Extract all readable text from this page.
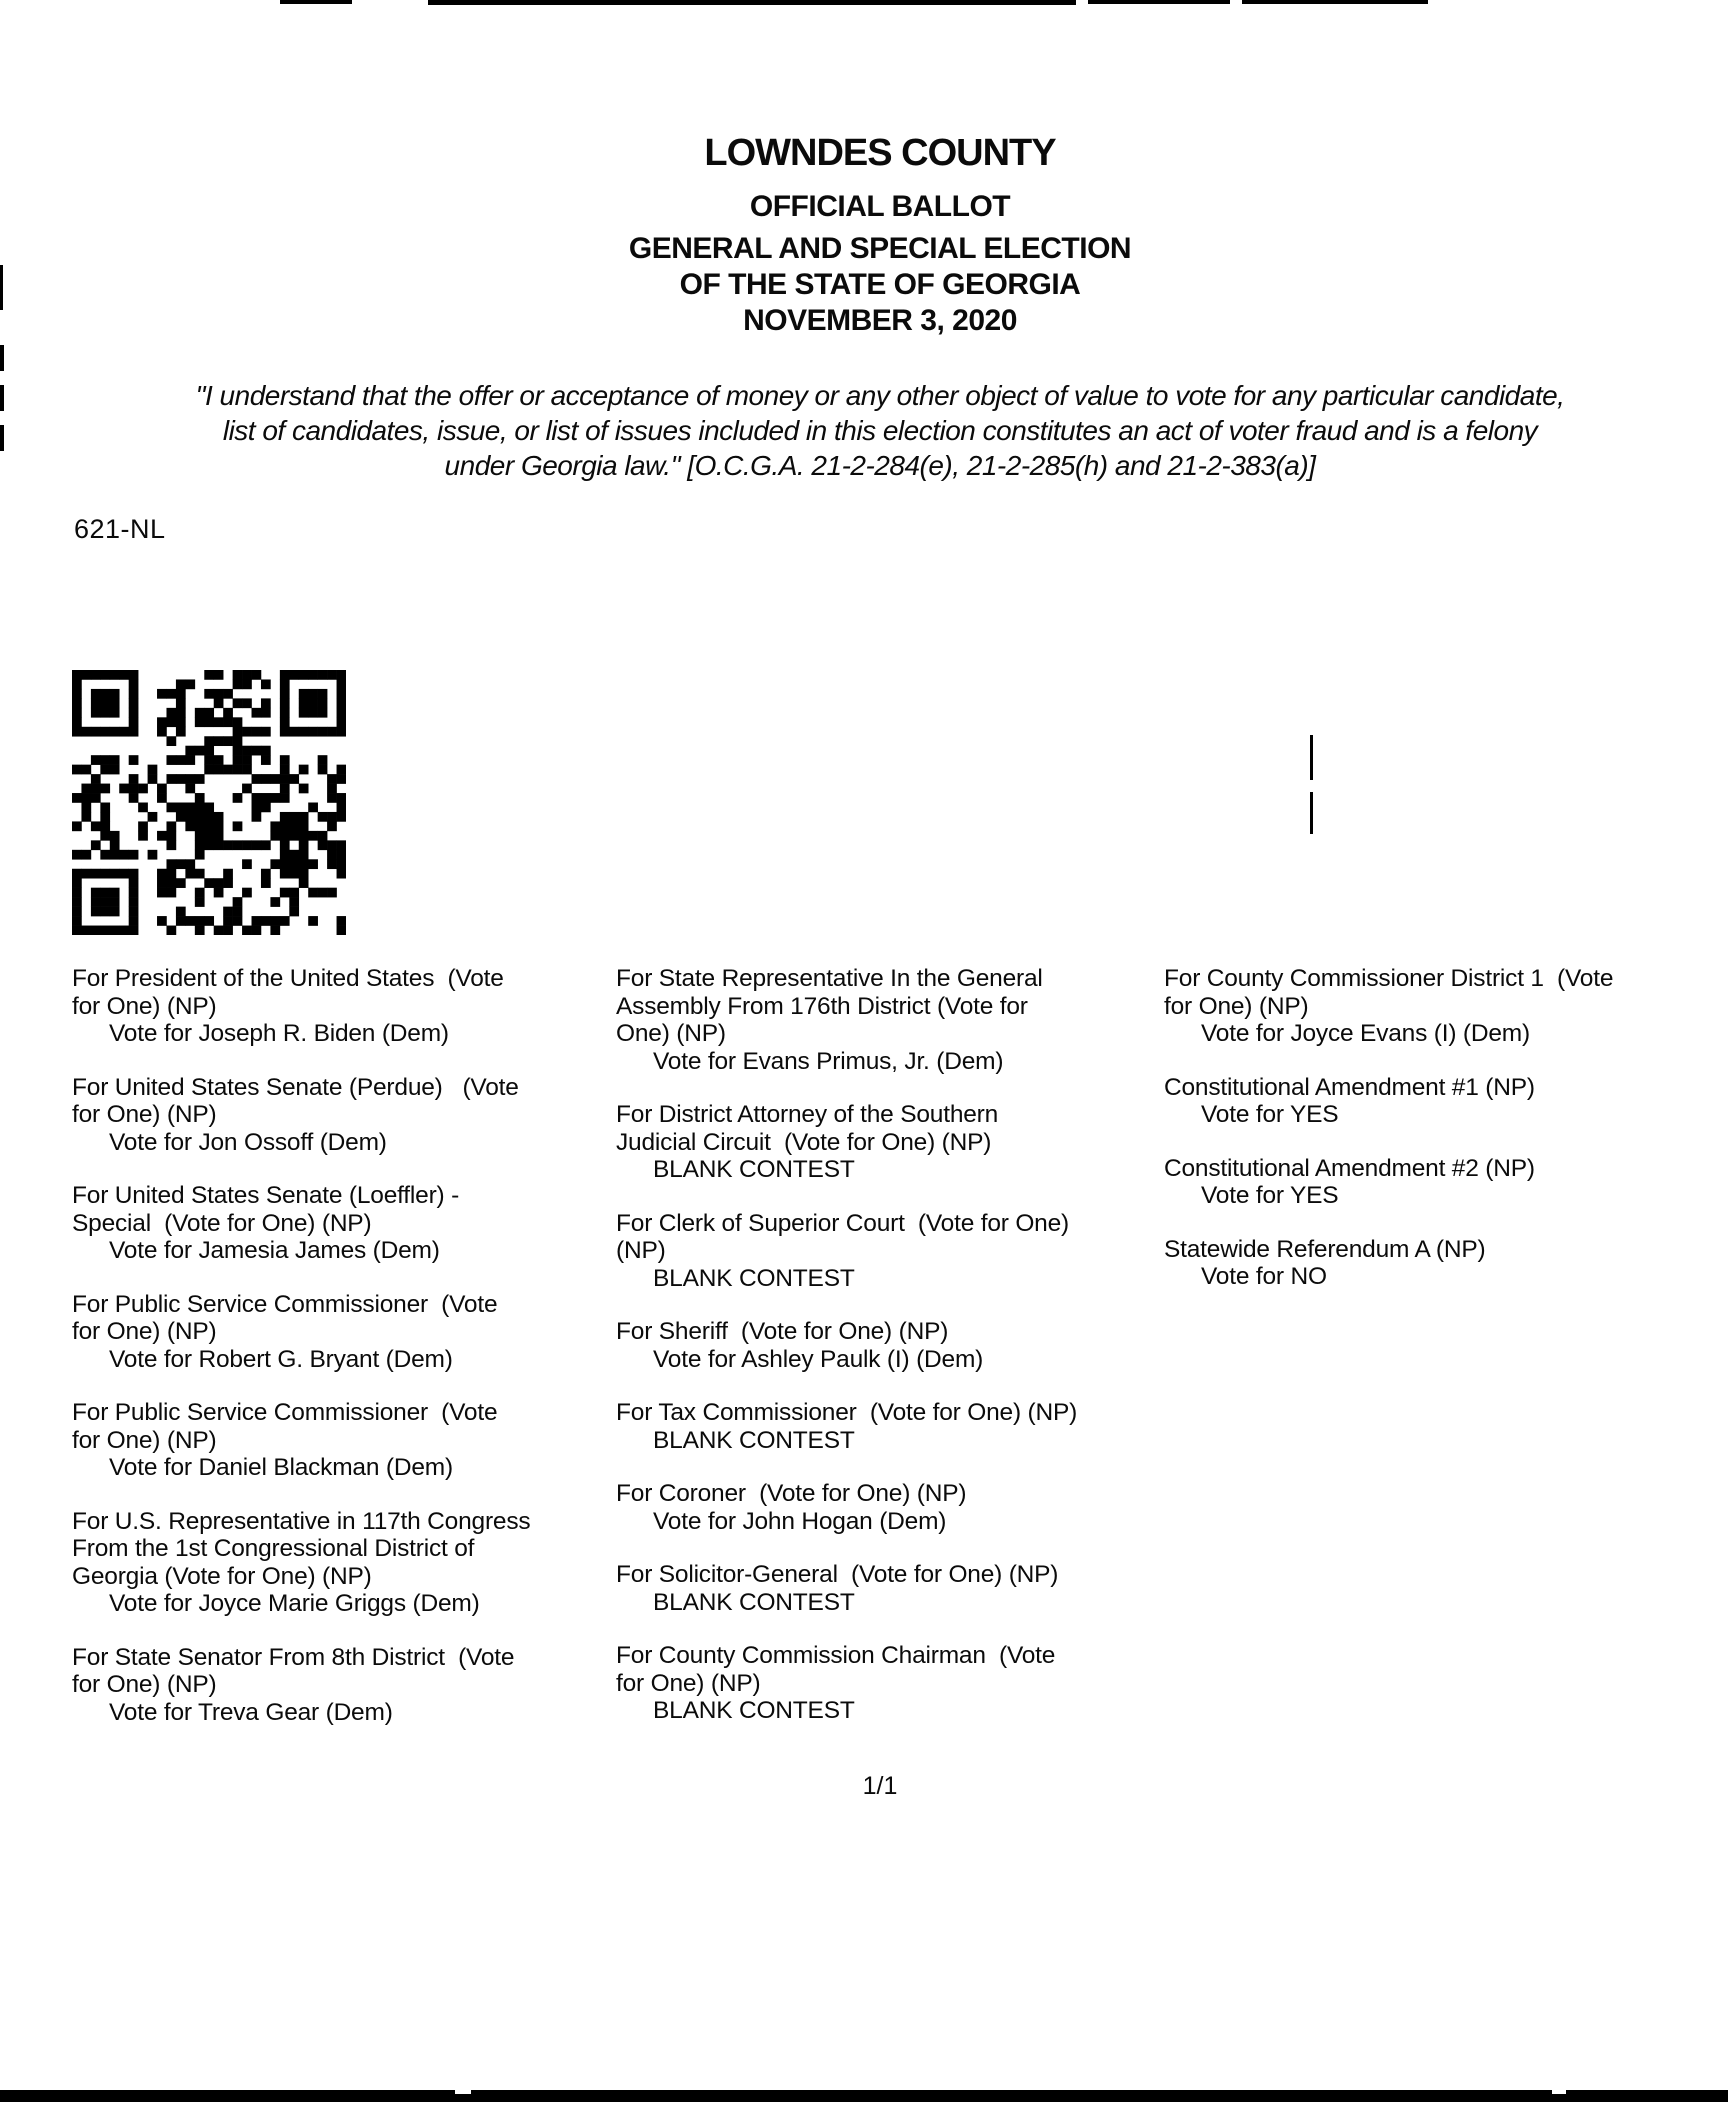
LOWNDES COUNTY
OFFICIAL BALLOT
GENERAL AND SPECIAL ELECTION
OF THE STATE OF GEORGIA
NOVEMBER 3, 2020
"I understand that the offer or acceptance of money or any other object of value to vote for any particular candidate,
list of candidates, issue, or list of issues included in this election constitutes an act of voter fraud and is a felony
under Georgia law." [O.C.G.A. 21-2-284(e), 21-2-285(h) and 21-2-383(a)]
621-NL
For President of the United States  (Vote
for One) (NP)
Vote for Joseph R. Biden (Dem)
For United States Senate (Perdue)   (Vote
for One) (NP)
Vote for Jon Ossoff (Dem)
For United States Senate (Loeffler) -
Special  (Vote for One) (NP)
Vote for Jamesia James (Dem)
For Public Service Commissioner  (Vote
for One) (NP)
Vote for Robert G. Bryant (Dem)
For Public Service Commissioner  (Vote
for One) (NP)
Vote for Daniel Blackman (Dem)
For U.S. Representative in 117th Congress
From the 1st Congressional District of
Georgia (Vote for One) (NP)
Vote for Joyce Marie Griggs (Dem)
For State Senator From 8th District  (Vote
for One) (NP)
Vote for Treva Gear (Dem)
For State Representative In the General
Assembly From 176th District (Vote for
One) (NP)
Vote for Evans Primus, Jr. (Dem)
For District Attorney of the Southern
Judicial Circuit  (Vote for One) (NP)
BLANK CONTEST
For Clerk of Superior Court  (Vote for One)
(NP)
BLANK CONTEST
For Sheriff  (Vote for One) (NP)
Vote for Ashley Paulk (I) (Dem)
For Tax Commissioner  (Vote for One) (NP)
BLANK CONTEST
For Coroner  (Vote for One) (NP)
Vote for John Hogan (Dem)
For Solicitor-General  (Vote for One) (NP)
BLANK CONTEST
For County Commission Chairman  (Vote
for One) (NP)
BLANK CONTEST
For County Commissioner District 1  (Vote
for One) (NP)
Vote for Joyce Evans (I) (Dem)
Constitutional Amendment #1 (NP)
Vote for YES
Constitutional Amendment #2 (NP)
Vote for YES
Statewide Referendum A (NP)
Vote for NO
1/1
